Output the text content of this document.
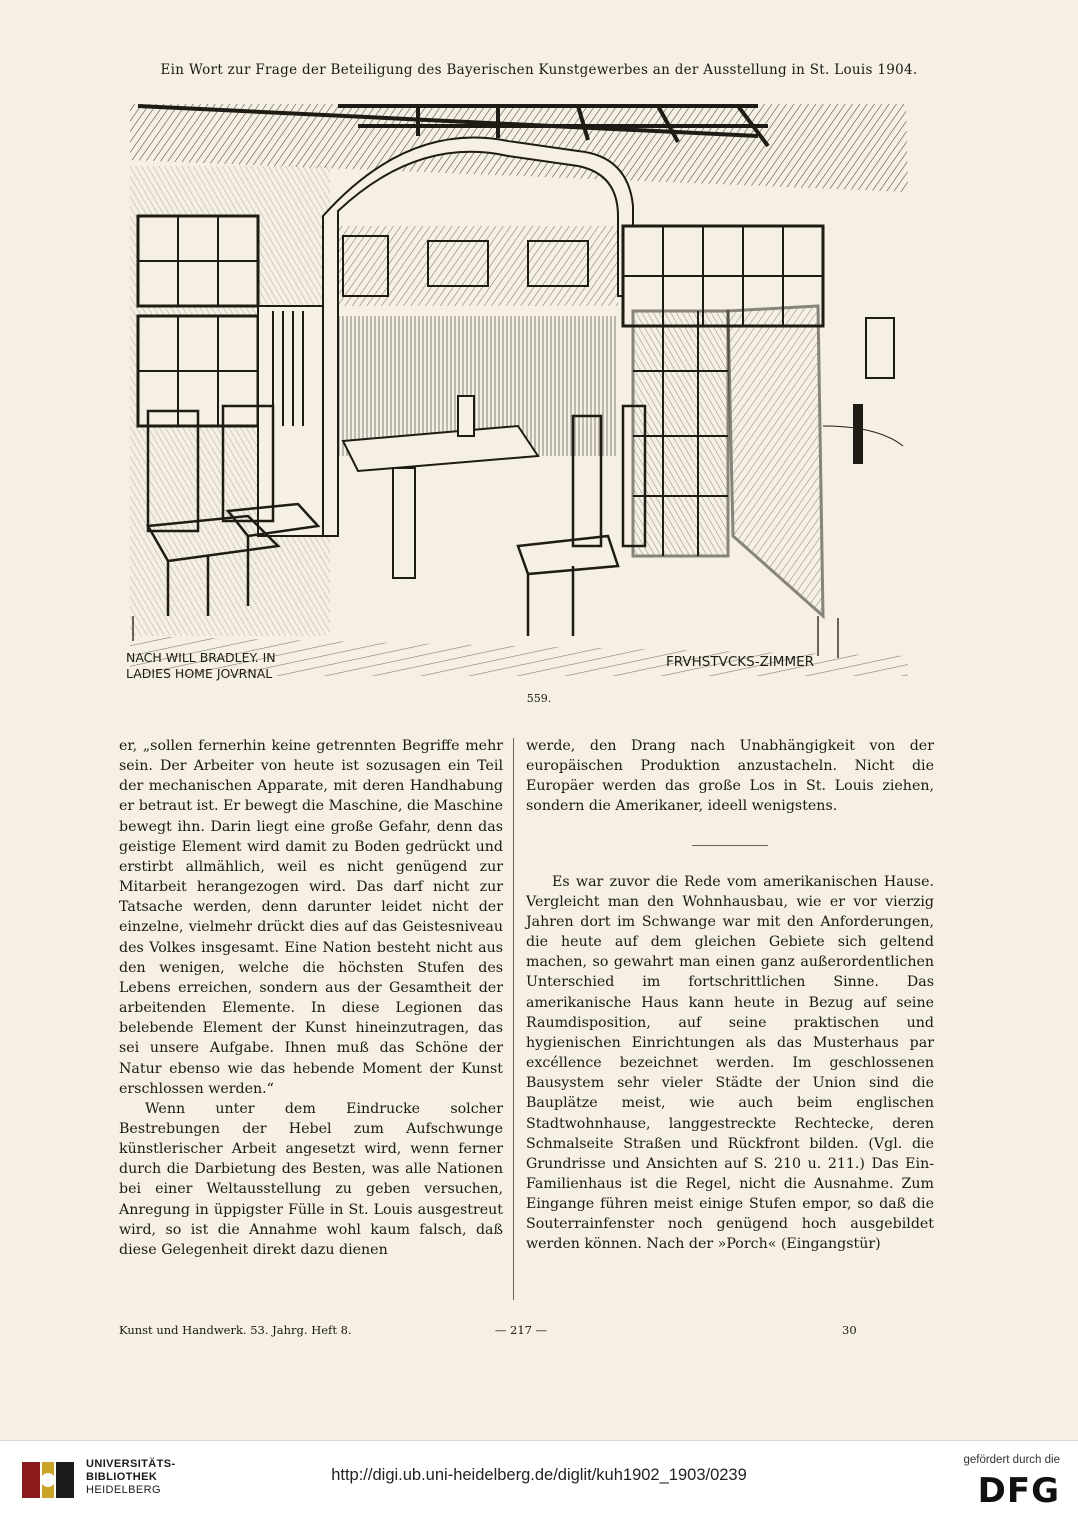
Ein Wort zur Frage der Beteiligung des Bayerischen Kunstgewerbes an der Ausstellung in St. Louis 1904.
NACH WILL BRADLEY. IN
LADIES HOME JOVRNAL
FRVHSTVCKS-ZIMMER
559.

er, „sollen fernerhin keine getrennten Begriffe mehr sein. Der Arbeiter von heute ist sozusagen ein Teil der mechanischen Apparate, mit deren Handhabung er betraut ist. Er bewegt die Maschine, die Maschine bewegt ihn. Darin liegt eine große Gefahr, denn das geistige Element wird damit zu Boden gedrückt und erstirbt allmählich, weil es nicht genügend zur Mitarbeit herangezogen wird. Das darf nicht zur Tatsache werden, denn darunter leidet nicht der einzelne, vielmehr drückt dies auf das Geistesniveau des Volkes insgesamt. Eine Nation besteht nicht aus den wenigen, welche die höchsten Stufen des Lebens erreichen, sondern aus der Gesamtheit der arbeitenden Elemente. In diese Legionen das belebende Element der Kunst hineinzutragen, das sei unsere Aufgabe. Ihnen muß das Schöne der Natur ebenso wie das hebende Moment der Kunst erschlossen werden.“

Wenn unter dem Eindrucke solcher Bestrebungen der Hebel zum Aufschwunge künstlerischer Arbeit angesetzt wird, wenn ferner durch die Darbietung des Besten, was alle Nationen bei einer Weltausstellung zu geben versuchen, Anregung in üppigster Fülle in St. Louis ausgestreut wird, so ist die Annahme wohl kaum falsch, daß diese Gelegenheit direkt dazu dienen

werde, den Drang nach Unabhängigkeit von der europäischen Produktion anzustacheln. Nicht die Europäer werden das große Los in St. Louis ziehen, sondern die Amerikaner, ideell wenigstens.

Es war zuvor die Rede vom amerikanischen Hause. Vergleicht man den Wohnhausbau, wie er vor vierzig Jahren dort im Schwange war mit den Anforderungen, die heute auf dem gleichen Gebiete sich geltend machen, so gewahrt man einen ganz außerordentlichen Unterschied im fortschrittlichen Sinne. Das amerikanische Haus kann heute in Bezug auf seine Raumdisposition, auf seine praktischen und hygienischen Einrichtungen als das Musterhaus par excéllence bezeichnet werden. Im geschlossenen Bausystem sehr vieler Städte der Union sind die Bauplätze meist, wie auch beim englischen Stadtwohnhause, langgestreckte Rechtecke, deren Schmalseite Straßen und Rückfront bilden. (Vgl. die Grundrisse und Ansichten auf S. 210 u. 211.) Das Ein-Familienhaus ist die Regel, nicht die Ausnahme. Zum Eingange führen meist einige Stufen empor, so daß die Souterrainfenster noch genügend hoch ausgebildet werden können. Nach der »Porch« (Eingangstür)

Kunst und Handwerk. 53. Jahrg. Heft 8.	— 217 —	30
UNIVERSITÄTS-
BIBLIOTHEK
HEIDELBERG
http://digi.ub.uni-heidelberg.de/diglit/kuh1902_1903/0239
gefördert durch die
DFG
